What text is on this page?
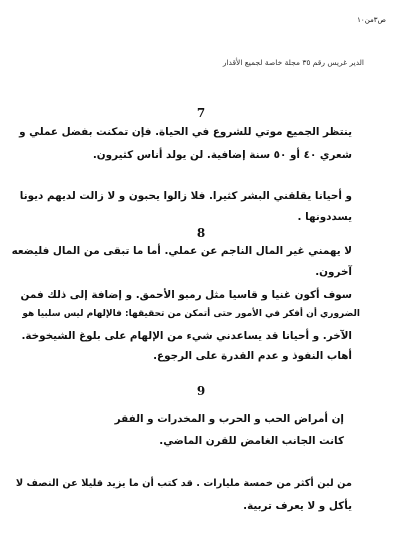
ص٣من١٠
الدير غريس رقم ٣٥ مجلة خاصة لجميع الأقدار
7
ينتظر الجميع موتي للشروع في الحياة. فإن تمكنت بفضل عملي و
شعري ٤٠ أو ٥٠ سنة إضافية. لن يولد أناس كثيرون.
و أحيانا يقلقني البشر كثيرا. فلا زالوا يحبون و لا زالت لديهم ديونا
يسددونها .
8
لا يهمني غير المال الناجم عن عملي. أما ما تبقى من المال فليضعه
آخرون.
سوف أكون غنيا و قاسيا مثل رمبو الأحمق. و إضافة إلى ذلك فمن
الضروري أن أفكر في الأمور حتى أتمكن من تحقيقها: فالإلهام ليس سلبيا هو
الآخر. و أحيانا قد يساعدني شيء من الإلهام على بلوغ الشيخوخة.
أهاب النفوذ و عدم القدرة على الرجوع.
9
إن أمراض الحب و الحرب و المخدرات و الفقر
كانت الجانب الغامض للقرن الماضي.
من لبن أكثر من خمسة مليارات . قد كتب أن ما يزيد قليلا عن النصف لا
يأكل و لا يعرف تربية.
